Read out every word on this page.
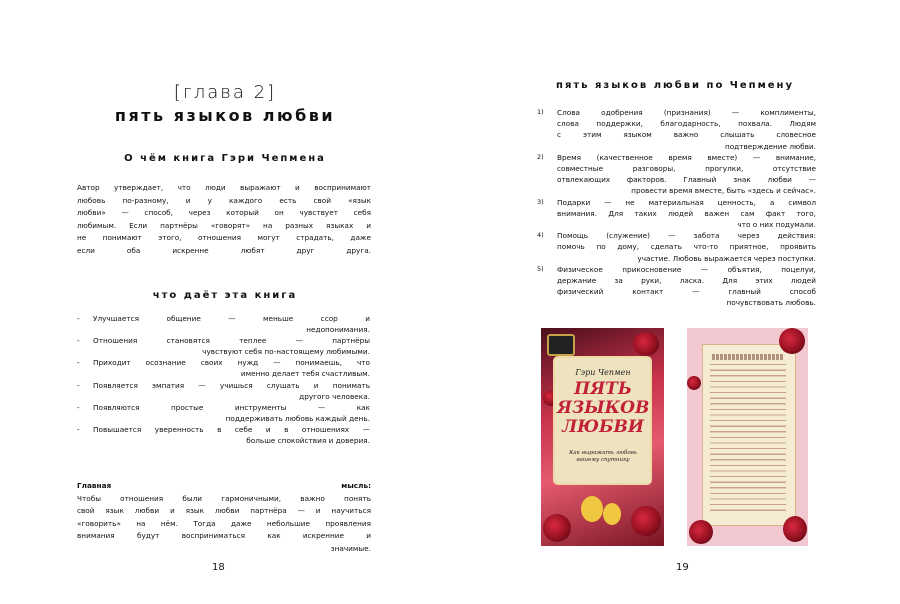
[глава 2]
пять языков любви
О чём книга Гэри Чепмена
Автор утверждает, что люди выражают и воспринимают
любовь по-разному, и у каждого есть свой «язык
любви» — способ, через который он чувствует себя
любимым. Если партнёры «говорят» на разных языках и
не понимают этого, отношения могут страдать, даже
если оба искренне любят друг друга.
что даёт эта книга
- Улучшается общение — меньше ссор и
недопонимания.
- Отношения становятся теплее — партнёры
чувствуют себя по-настоящему любимыми.
- Приходит осознание своих нужд — понимаешь, что
именно делает тебя счастливым.
- Появляется эмпатия — учишься слушать и понимать
другого человека.
- Появляются простые инструменты — как
поддерживать любовь каждый день.
- Повышается уверенность в себе и в отношениях —
больше спокойствия и доверия.
Главная мысль:
Чтобы отношения были гармоничными, важно понять
свой язык любви и язык любви партнёра — и научиться
«говорить» на нём. Тогда даже небольшие проявления
внимания будут восприниматься как искренние и
значимые.
18
пять языков любви по Чепмену
1) Слова одобрения (признания) — комплименты,
слова поддержки, благодарность, похвала. Людям
с этим языком важно слышать словесное
подтверждение любви.
2) Время (качественное время вместе) — внимание,
совместные разговоры, прогулки, отсутствие
отвлекающих факторов. Главный знак любви —
провести время вместе, быть «здесь и сейчас».
3) Подарки — не материальная ценность, а символ
внимания. Для таких людей важен сам факт того,
что о них подумали.
4) Помощь (служение) — забота через действия:
помочь по дому, сделать что-то приятное, проявить
участие. Любовь выражается через поступки.
5) Физическое прикосновение — объятия, поцелуи,
держание за руки, ласка. Для этих людей
физический контакт — главный способ
почувствовать любовь.
19
Гэри Чепмен
ПЯТЬ
ЯЗЫКОВ
ЛЮБВИ
Как выражать любовь вашему спутнику
